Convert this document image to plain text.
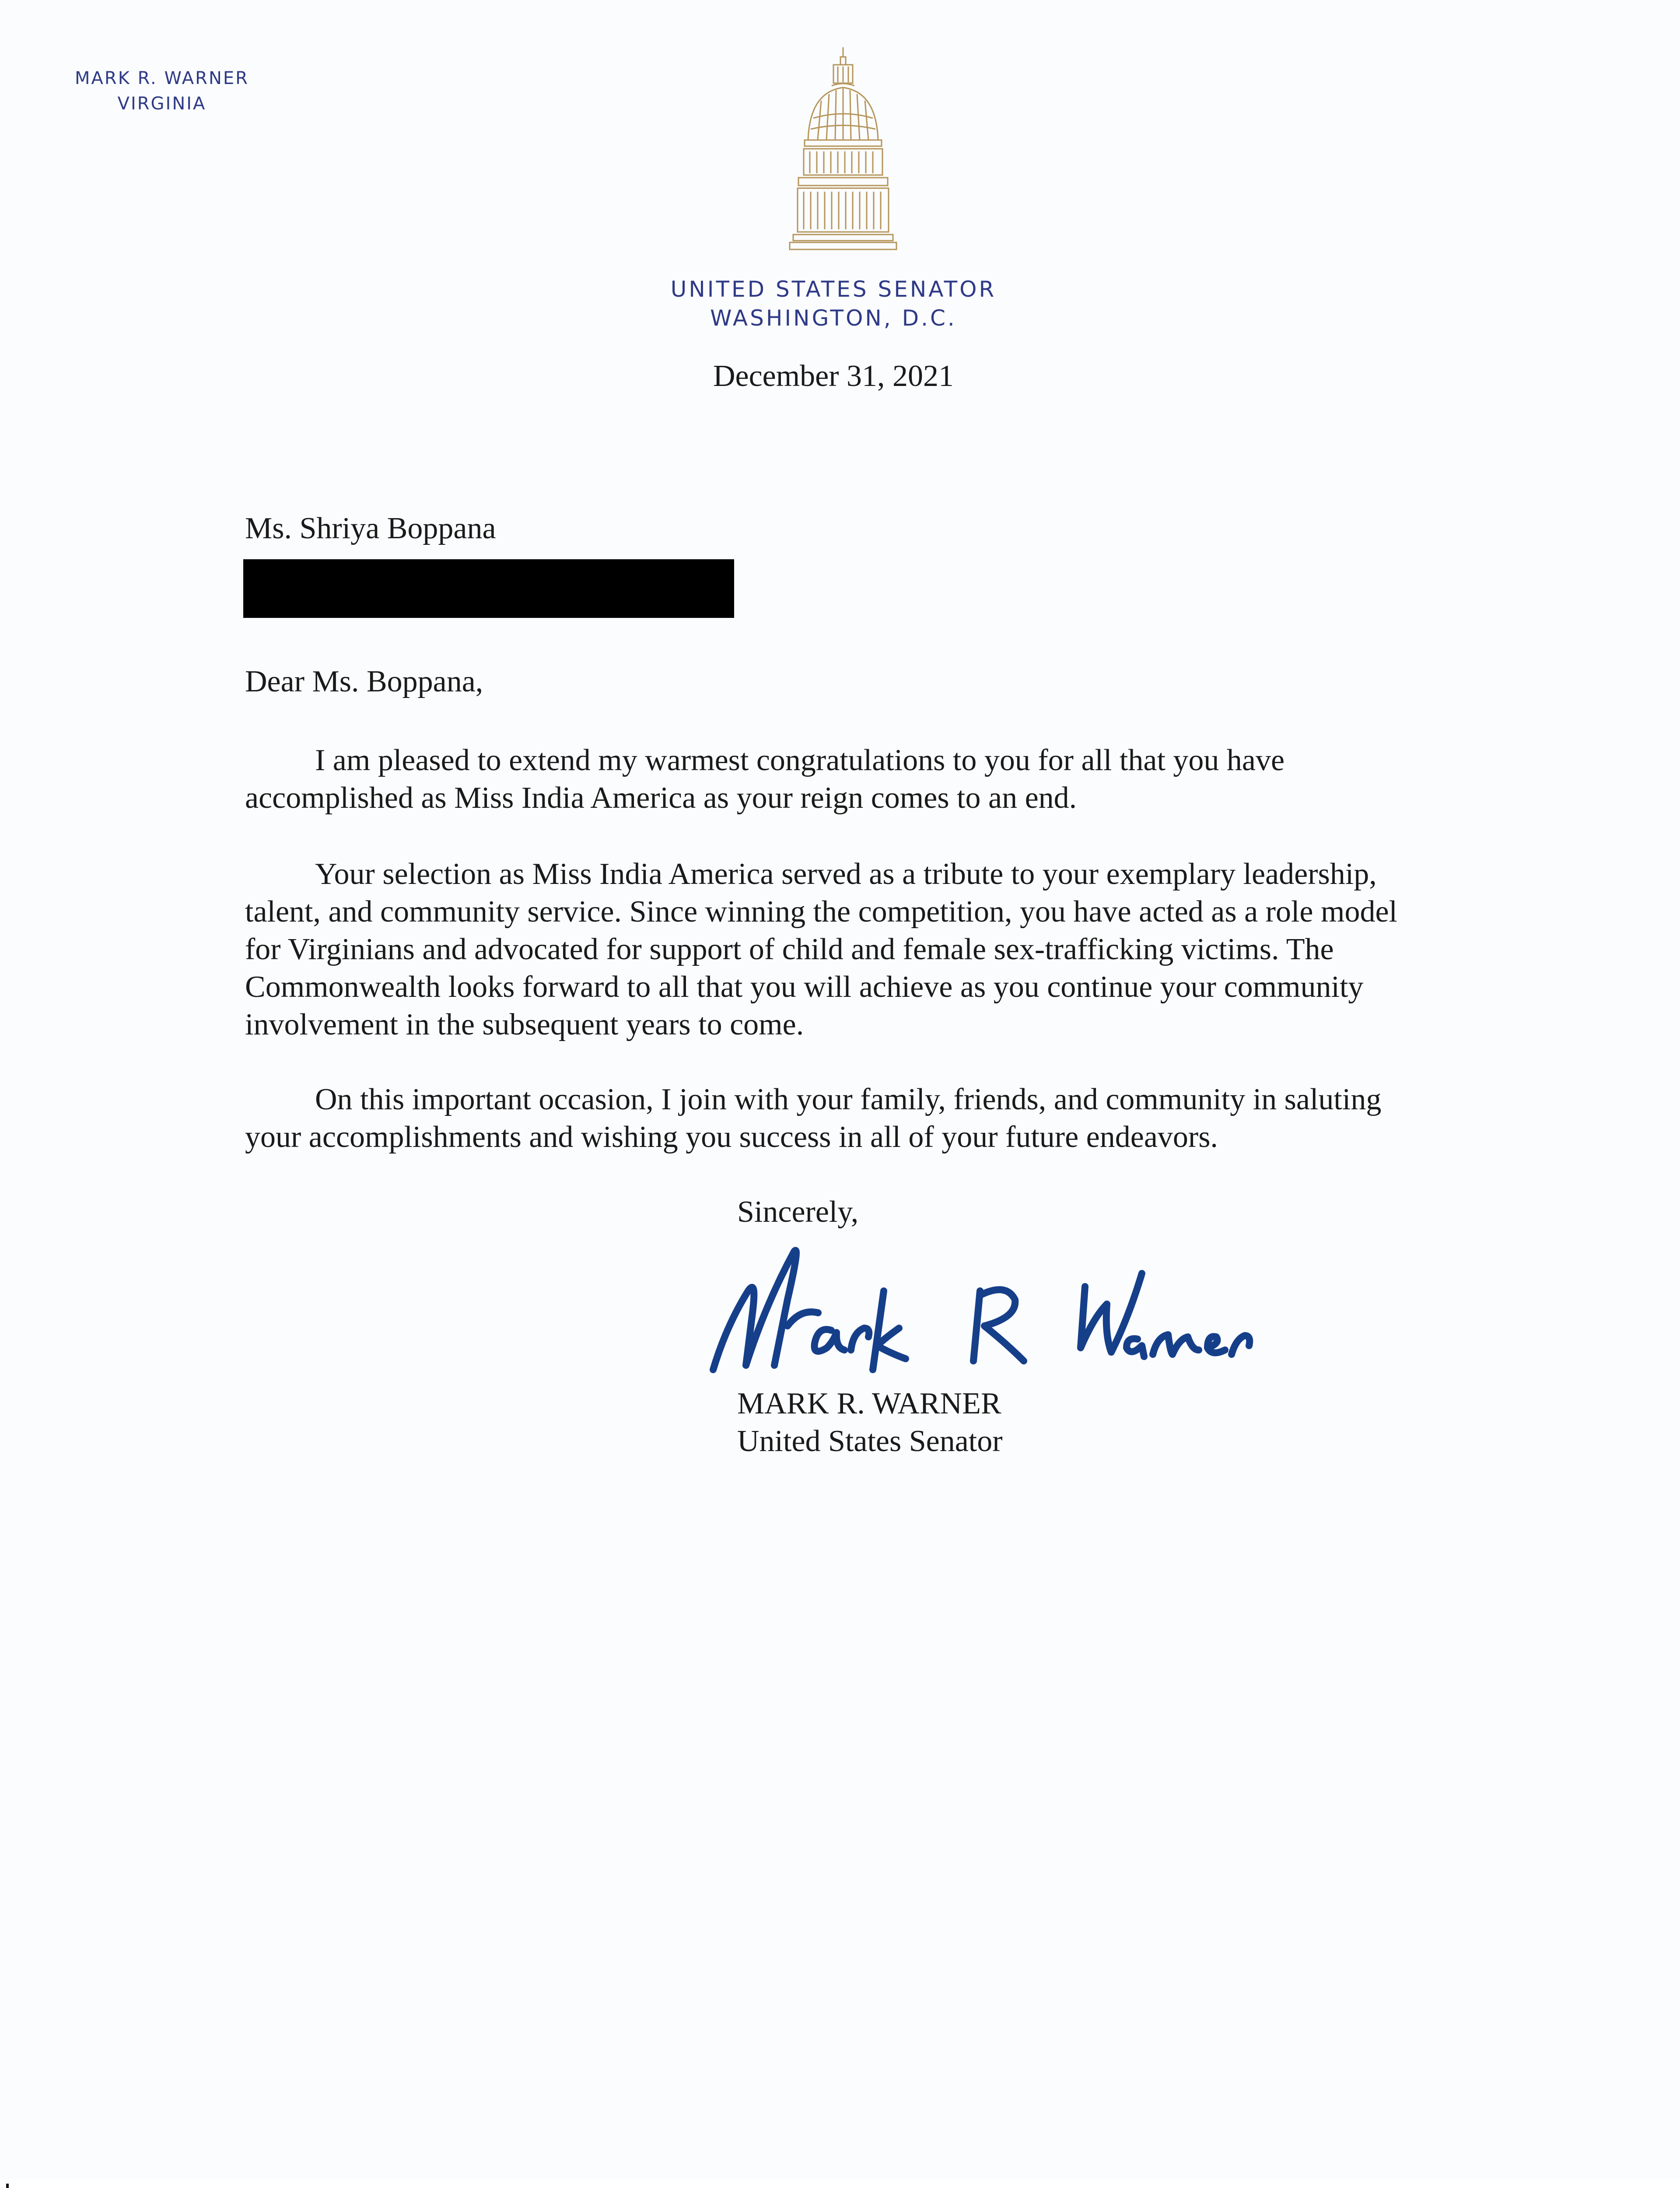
MARK R. WARNER
VIRGINIA
UNITED STATES SENATOR
WASHINGTON, D.C.
December 31, 2021
Ms. Shriya Boppana
Dear Ms. Boppana,

I am pleased to extend my warmest congratulations to you for all that you have accomplished as Miss India America as your reign comes to an end.

Your selection as Miss India America served as a tribute to your exemplary leadership, talent, and community service. Since winning the competition, you have acted as a role model for Virginians and advocated for support of child and female sex-trafficking victims. The Commonwealth looks forward to all that you will achieve as you continue your community involvement in the subsequent years to come.

On this important occasion, I join with your family, friends, and community in saluting your accomplishments and wishing you success in all of your future endeavors.

Sincerely,
MARK R. WARNER
United States Senator
